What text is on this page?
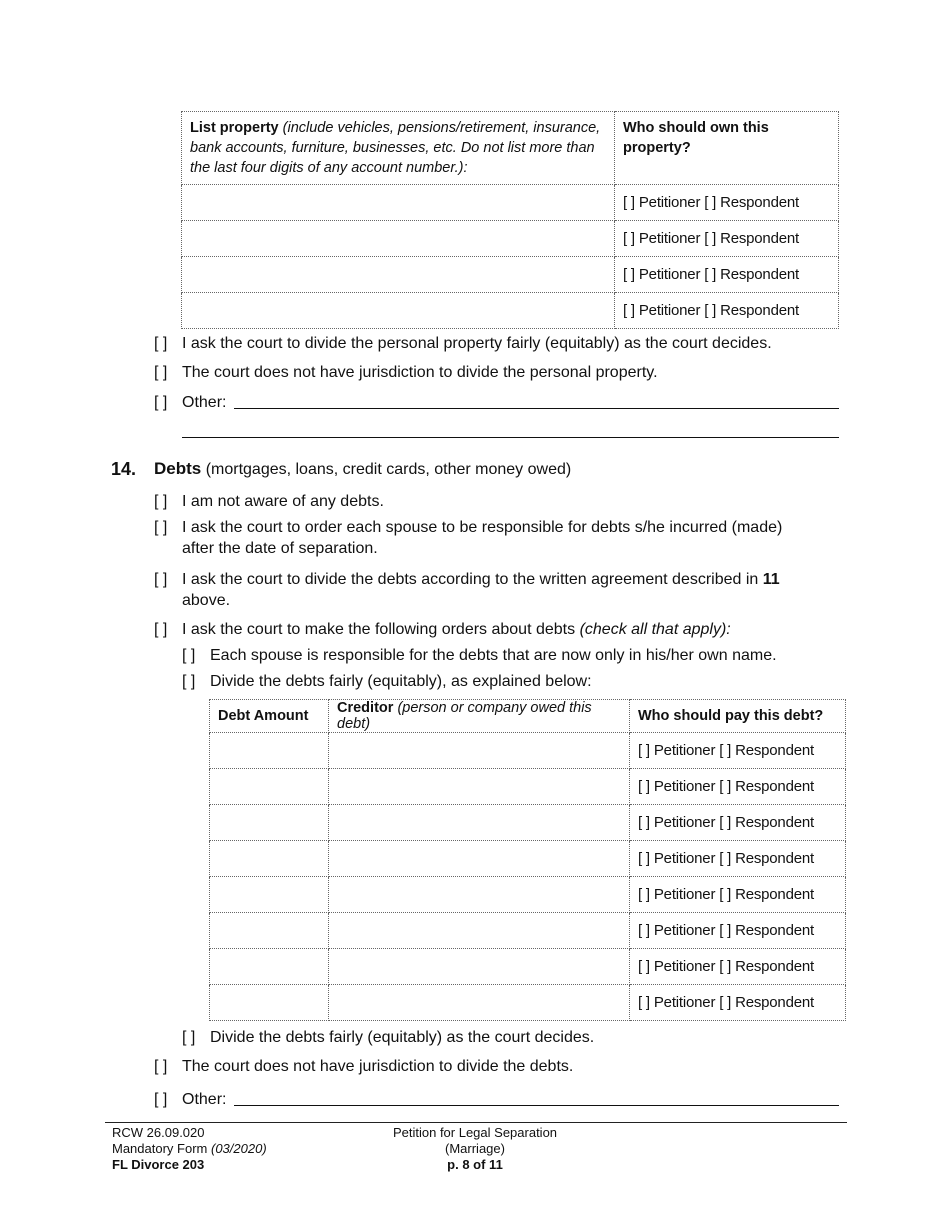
List property (include vehicles, pensions/retirement, insurance, bank accounts, furniture, businesses, etc. Do not list more than the last four digits of any account number.):	Who should own this property?
	[ ] Petitioner [ ] Respondent
	[ ] Petitioner [ ] Respondent
	[ ] Petitioner [ ] Respondent
	[ ] Petitioner [ ] Respondent
[ ] I ask the court to divide the personal property fairly (equitably) as the court decides.
[ ] The court does not have jurisdiction to divide the personal property.
[ ] Other:
14. Debts (mortgages, loans, credit cards, other money owed)
[ ] I am not aware of any debts.
[ ] I ask the court to order each spouse to be responsible for debts s/he incurred (made)
after the date of separation.
[ ] I ask the court to divide the debts according to the written agreement described in 11
above.
[ ] I ask the court to make the following orders about debts (check all that apply):
[ ] Each spouse is responsible for the debts that are now only in his/her own name.
[ ] Divide the debts fairly (equitably), as explained below:
Debt Amount	Creditor (person or company owed this debt)	Who should pay this debt?
		[ ] Petitioner [ ] Respondent
		[ ] Petitioner [ ] Respondent
		[ ] Petitioner [ ] Respondent
		[ ] Petitioner [ ] Respondent
		[ ] Petitioner [ ] Respondent
		[ ] Petitioner [ ] Respondent
		[ ] Petitioner [ ] Respondent
		[ ] Petitioner [ ] Respondent
[ ] Divide the debts fairly (equitably) as the court decides.
[ ] The court does not have jurisdiction to divide the debts.
[ ] Other:
RCW 26.09.020
Mandatory Form (03/2020)
FL Divorce 203
Petition for Legal Separation
(Marriage)
p. 8 of 11
